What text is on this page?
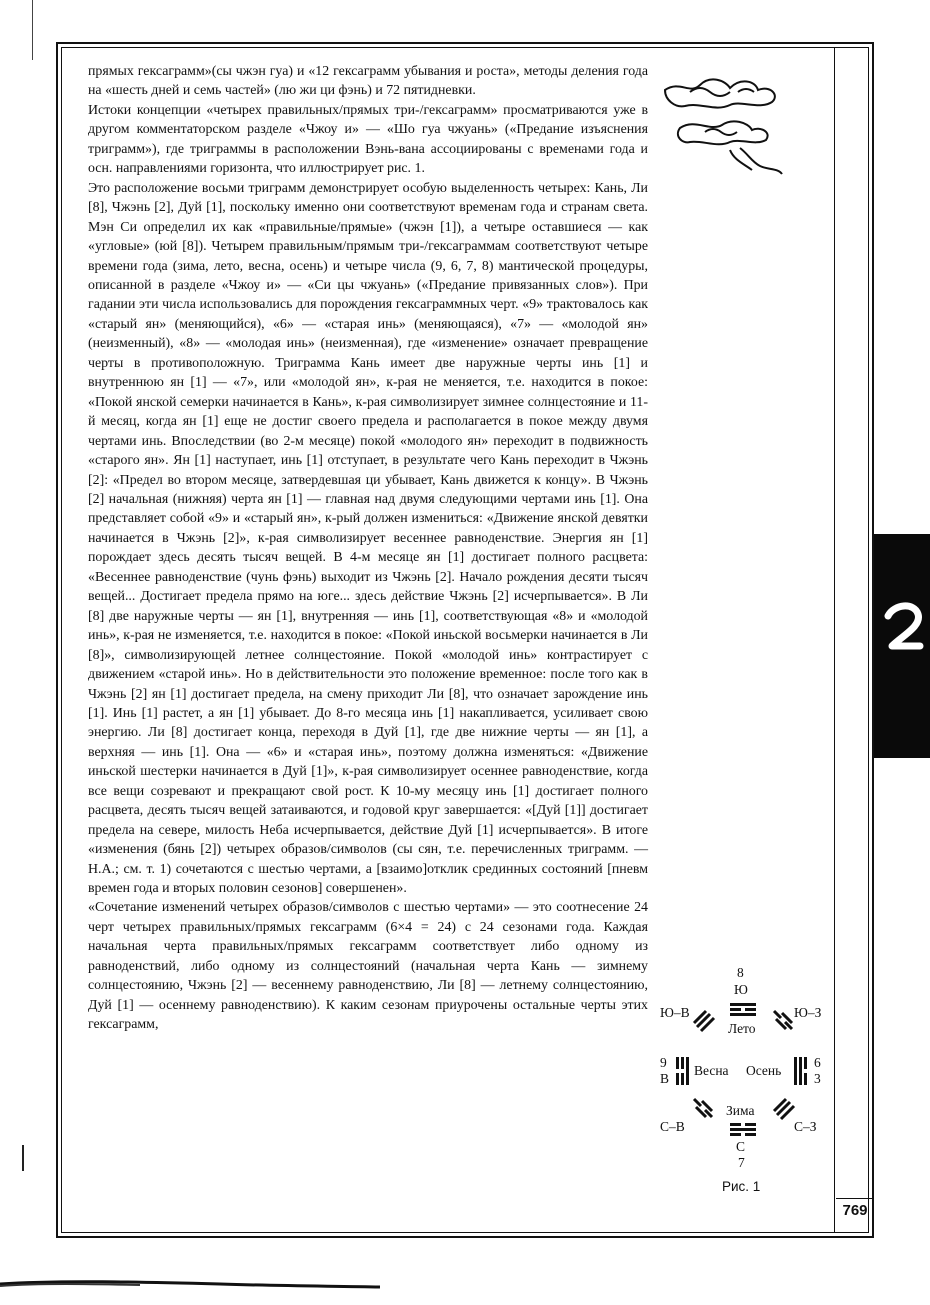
прямых гексаграмм»(сы чжэн гуа) и «12 гексаграмм убывания и роста», методы деления года на «шесть дней и семь частей» (лю жи ци фэнь) и 72 пятидневки.

Истоки концепции «четырех правильных/прямых три-/гексаграмм» просматриваются уже в другом комментаторском разделе «Чжоу и» — «Шо гуа чжуань» («Предание изъяснения триграмм»), где триграммы в расположении Вэнь-вана ассоциированы с временами года и осн. направлениями горизонта, что иллюстрирует рис. 1.

Это расположение восьми триграмм демонстрирует особую выделенность четырех: Кань, Ли [8], Чжэнь [2], Дуй [1], поскольку именно они соответствуют временам года и странам света. Мэн Си определил их как «правильные/прямые» (чжэн [1]), а четыре оставшиеся — как «угловые» (юй [8]). Четырем правильным/прямым три-/гексаграммам соответствуют четыре времени года (зима, лето, весна, осень) и четыре числа (9, 6, 7, 8) мантической процедуры, описанной в разделе «Чжоу и» — «Си цы чжуань» («Предание привязанных слов»). При гадании эти числа использовались для порождения гексаграммных черт. «9» трактовалось как «старый ян» (меняющийся), «6» — «старая инь» (меняющаяся), «7» — «молодой ян» (неизменный), «8» — «молодая инь» (неизменная), где «изменение» означает превращение черты в противоположную. Триграмма Кань имеет две наружные черты инь [1] и внутреннюю ян [1] — «7», или «молодой ян», к-рая не меняется, т.е. находится в покое: «Покой янской семерки начинается в Кань», к-рая символизирует зимнее солнцестояние и 11-й месяц, когда ян [1] еще не достиг своего предела и располагается в покое между двумя чертами инь. Впоследствии (во 2-м месяце) покой «молодого ян» переходит в подвижность «старого ян». Ян [1] наступает, инь [1] отступает, в результате чего Кань переходит в Чжэнь [2]: «Предел во втором месяце, затвердевшая ци убывает, Кань движется к концу». В Чжэнь [2] начальная (нижняя) черта ян [1] — главная над двумя следующими чертами инь [1]. Она представляет собой «9» и «старый ян», к-рый должен измениться: «Движение янской девятки начинается в Чжэнь [2]», к-рая символизирует весеннее равноденствие. Энергия ян [1] порождает здесь десять тысяч вещей. В 4-м месяце ян [1] достигает полного расцвета: «Весеннее равноденствие (чунь фэнь) выходит из Чжэнь [2]. Начало рождения десяти тысяч вещей... Достигает предела прямо на юге... здесь действие Чжэнь [2] исчерпывается». В Ли [8] две наружные черты — ян [1], внутренняя — инь [1], соответствующая «8» и «молодой инь», к-рая не изменяется, т.е. находится в покое: «Покой иньской восьмерки начинается в Ли [8]», символизирующей летнее солнцестояние. Покой «молодой инь» контрастирует с движением «старой инь». Но в действительности это положение временное: после того как в Чжэнь [2] ян [1] достигает предела, на смену приходит Ли [8], что означает зарождение инь [1]. Инь [1] растет, а ян [1] убывает. До 8-го месяца инь [1] накапливается, усиливает свою энергию. Ли [8] достигает конца, переходя в Дуй [1], где две нижние черты — ян [1], а верхняя — инь [1]. Она — «6» и «старая инь», поэтому должна изменяться: «Движение иньской шестерки начинается в Дуй [1]», к-рая символизирует осеннее равноденствие, когда все вещи созревают и прекращают свой рост. К 10-му месяцу инь [1] достигает полного расцвета, десять тысяч вещей затаиваются, и годовой круг завершается: «[Дуй [1]] достигает предела на севере, милость Неба исчерпывается, действие Дуй [1] исчерпывается». В итоге «изменения (бянь [2]) четырех образов/символов (сы сян, т.е. перечисленных триграмм. — Н.А.; см. т. 1) сочетаются с шестью чертами, а [взаимо]отклик срединных состояний [пневм времен года и вторых половин сезонов] совершенен».

«Сочетание изменений четырех образов/символов с шестью чертами» — это соотнесение 24 черт четырех правильных/прямых гексаграмм (6×4 = 24) с 24 сезонами года. Каждая начальная черта правильных/прямых гексаграмм соответствует либо одному из равноденствий, либо одному из солнцестояний (начальная черта Кань — зимнему солнцестоянию, Чжэнь [2] — весеннему равноденствию, Ли [8] — летнему солнцестоянию, Дуй [1] — осеннему равноденствию). К каким сезонам приурочены остальные черты этих гексаграмм,

769
8
Ю
Лето
Ю–В	Ю–З
9
В
Весна Осень
6
3
Зима
С–В	С–З
С
7
Рис. 1
